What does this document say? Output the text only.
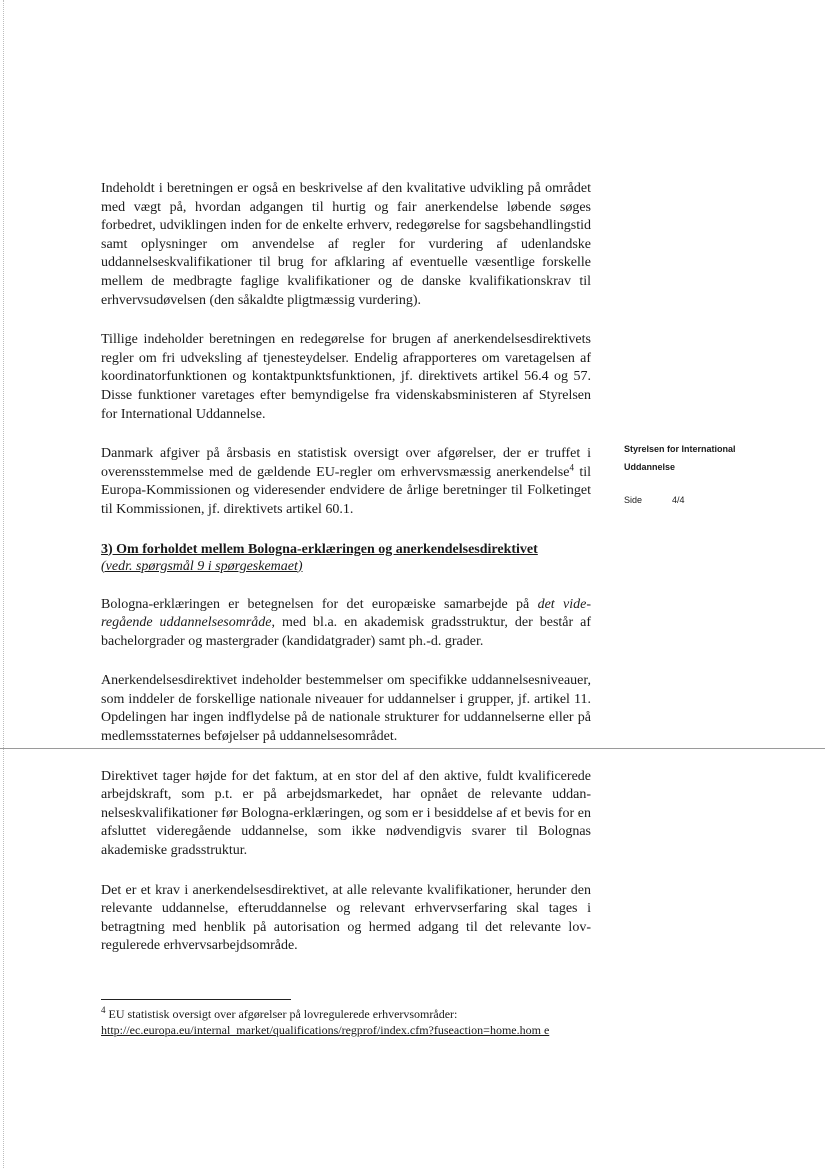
Indeholdt i beretningen er også en beskrivelse af den kvalitative udvikling på området med vægt på, hvordan adgangen til hurtig og fair anerkendelse løbende søges forbedret, udviklingen inden for de enkelte erhverv, redegørelse for sagsbehandlingstid samt oplysninger om anvendelse af regler for vurdering af udenlandske uddannelseskvalifikationer til brug for afklaring af eventuelle væsentlige forskelle mellem de medbragte faglige kvalifikationer og de danske kvalifikationskrav til erhvervsudøvelsen (den såkaldte pligtmæssig vurdering).

Tillige indeholder beretningen en redegørelse for brugen af anerkendelsesdirektivets regler om fri udveksling af tjenesteydelser. Endelig afrapporteres om varetagelsen af koordinatorfunktionen og kontaktpunktsfunktionen, jf. direktivets artikel 56.4 og 57. Disse funktioner varetages efter bemyndigelse fra videnskabsministeren af Styrelsen for International Uddannelse.

Danmark afgiver på årsbasis en statistisk oversigt over afgørelser, der er truffet i overensstemmelse med de gældende EU-regler om erhvervsmæssig anerkendelse$^4$ til Europa-Kommissionen og videresender endvidere de årlige beretninger til Folketinget til Kommissionen, jf. direktivets artikel 60.1.

3) Om forholdet mellem Bologna-erklæringen og anerkendelsesdirektivet

(vedr. spørgsmål 9 i spørgeskemaet)

Bologna-erklæringen er betegnelsen for det europæiske samarbejde på det videregående uddannelsesområde, med bl.a. en akademisk gradsstruktur, der består af bachelorgrader og mastergrader (kandidatgrader) samt ph.-d. grader.

Anerkendelsesdirektivet indeholder bestemmelser om specifikke uddannelsesniveauer, som inddeler de forskellige nationale niveauer for uddannelser i grupper, jf. artikel 11. Opdelingen har ingen indflydelse på de nationale strukturer for uddannelserne eller på medlemsstaternes beføjelser på uddannelsesområdet.

Direktivet tager højde for det faktum, at en stor del af den aktive, fuldt kvalificerede arbejdskraft, som p.t. er på arbejdsmarkedet, har opnået de relevante uddannelseskvalifikationer før Bologna-erklæringen, og som er i besiddelse af et bevis for en afsluttet videregående uddannelse, som ikke nødvendigvis svarer til Bolognas akademiske gradsstruktur.

Det er et krav i anerkendelsesdirektivet, at alle relevante kvalifikationer, herunder den relevante uddannelse, efteruddannelse og relevant erhvervserfaring skal tages i betragtning med henblik på autorisation og hermed adgang til det relevante lovregulerede erhvervsarbejdsområde.

Styrelsen for International
Uddannelse
Side	4/4
$^4$ EU statistisk oversigt over afgørelser på lovregulerede erhvervsområder:
http://ec.europa.eu/internal_market/qualifications/regprof/index.cfm?fuseaction=home.hom e
